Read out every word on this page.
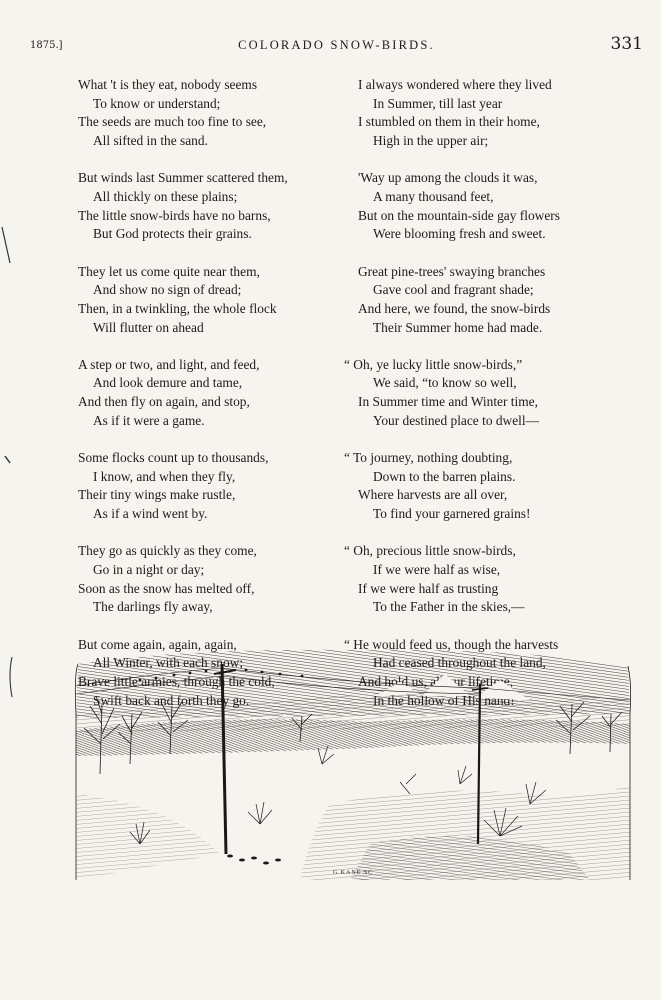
1875.]	COLORADO SNOW-BIRDS.	331
What 't is they eat, nobody seems
To know or understand;
The seeds are much too fine to see,
All sifted in the sand.
But winds last Summer scattered them,
All thickly on these plains;
The little snow-birds have no barns,
But God protects their grains.
They let us come quite near them,
And show no sign of dread;
Then, in a twinkling, the whole flock
Will flutter on ahead
A step or two, and light, and feed,
And look demure and tame,
And then fly on again, and stop,
As if it were a game.
Some flocks count up to thousands,
I know, and when they fly,
Their tiny wings make rustle,
As if a wind went by.
They go as quickly as they come,
Go in a night or day;
Soon as the snow has melted off,
The darlings fly away,
But come again, again, again,
I always wondered where they lived
In Summer, till last year
I stumbled on them in their home,
High in the upper air;
'Way up among the clouds it was,
A many thousand feet,
But on the mountain-side gay flowers
Were blooming fresh and sweet.
Great pine-trees' swaying branches
Gave cool and fragrant shade;
And here, we found, the snow-birds
Their Summer home had made.
“ Oh, ye lucky little snow-birds,”
We said, “to know so well,
In Summer time and Winter time,
Your destined place to dwell—
“ To journey, nothing doubting,
Down to the barren plains.
Where harvests are all over,
To find your garnered grains!
“ Oh, precious little snow-birds,
If we were half as wise,
If we were half as trusting
To the Father in the skies,—
“ He would feed us, though the harvests
G.KANE SC
